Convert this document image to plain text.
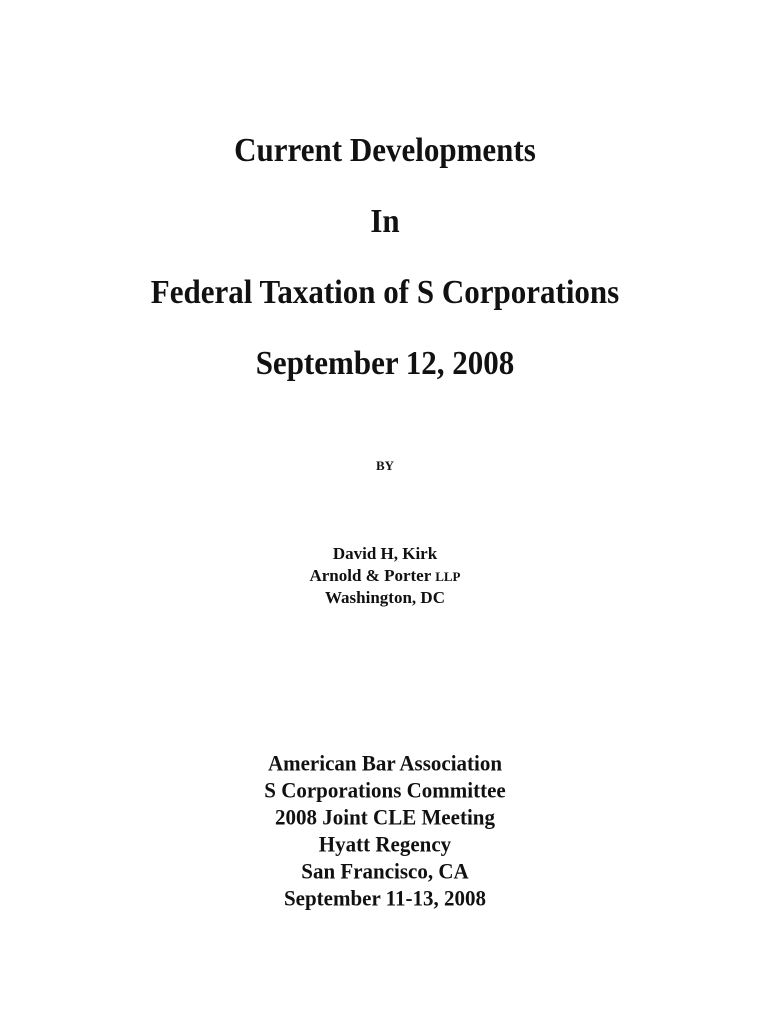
Current Developments
In
Federal Taxation of S Corporations
September 12, 2008
BY
David H, Kirk
Arnold & Porter LLP
Washington, DC
American Bar Association
S Corporations Committee
2008 Joint CLE Meeting
Hyatt Regency
San Francisco, CA
September 11-13, 2008
